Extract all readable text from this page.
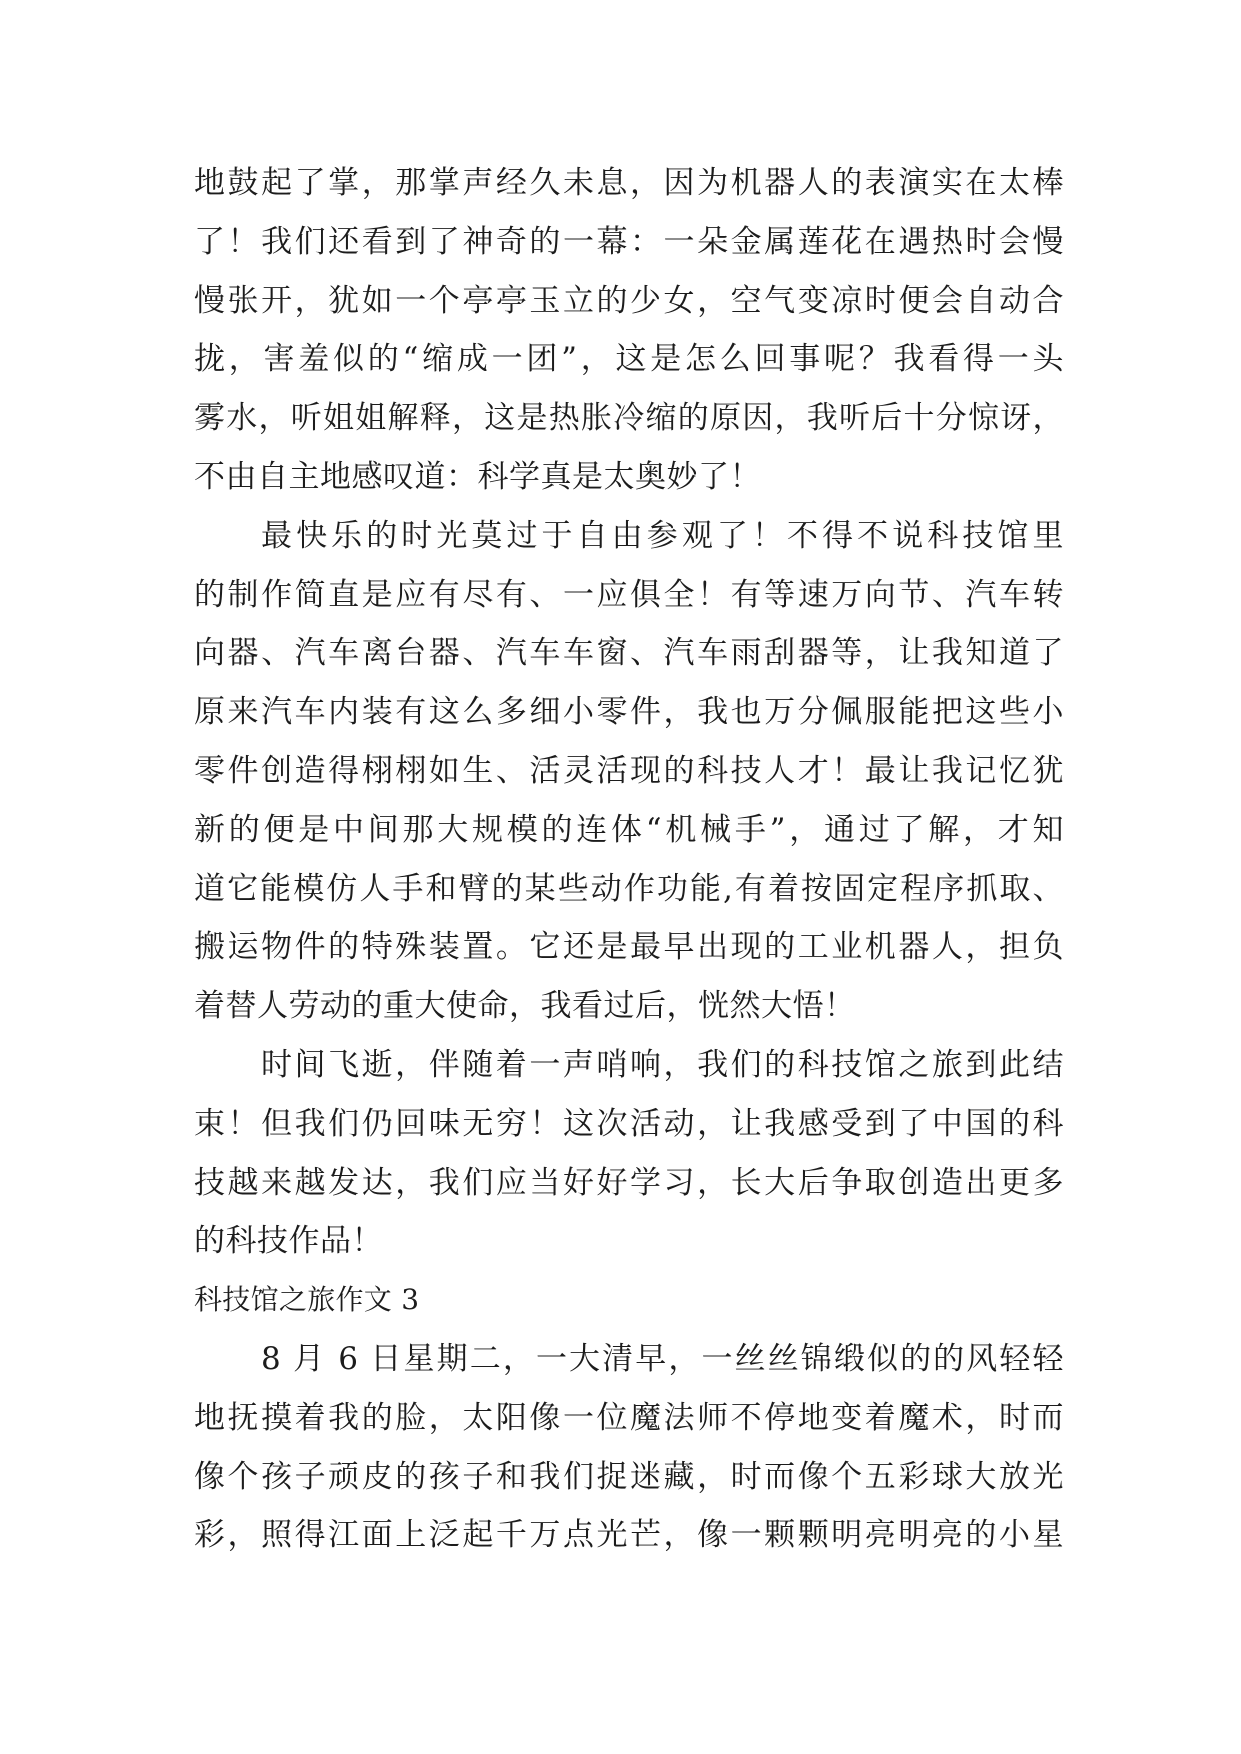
地鼓起了掌，那掌声经久未息，因为机器人的表演实在太棒
了！我们还看到了神奇的一幕：一朵金属莲花在遇热时会慢
慢张开，犹如一个亭亭玉立的少女，空气变凉时便会自动合
拢，害羞似的“缩成一团”，这是怎么回事呢？我看得一头
雾水，听姐姐解释，这是热胀冷缩的原因，我听后十分惊讶，
不由自主地感叹道：科学真是太奥妙了！
最快乐的时光莫过于自由参观了！不得不说科技馆里
的制作简直是应有尽有、一应俱全！有等速万向节、汽车转
向器、汽车离台器、汽车车窗、汽车雨刮器等，让我知道了
原来汽车内装有这么多细小零件，我也万分佩服能把这些小
零件创造得栩栩如生、活灵活现的科技人才！最让我记忆犹
新的便是中间那大规模的连体“机械手”，通过了解，才知
道它能模仿人手和臂的某些动作功能,有着按固定程序抓取、
搬运物件的特殊装置。它还是最早出现的工业机器人，担负
着替人劳动的重大使命，我看过后，恍然大悟！
时间飞逝，伴随着一声哨响，我们的科技馆之旅到此结
束！但我们仍回味无穷！这次活动，让我感受到了中国的科
技越来越发达，我们应当好好学习，长大后争取创造出更多
的科技作品！
科技馆之旅作文 3
8 月 6 日星期二，一大清早，一丝丝锦缎似的的风轻轻
地抚摸着我的脸，太阳像一位魔法师不停地变着魔术，时而
像个孩子顽皮的孩子和我们捉迷藏，时而像个五彩球大放光
彩，照得江面上泛起千万点光芒，像一颗颗明亮明亮的小星
